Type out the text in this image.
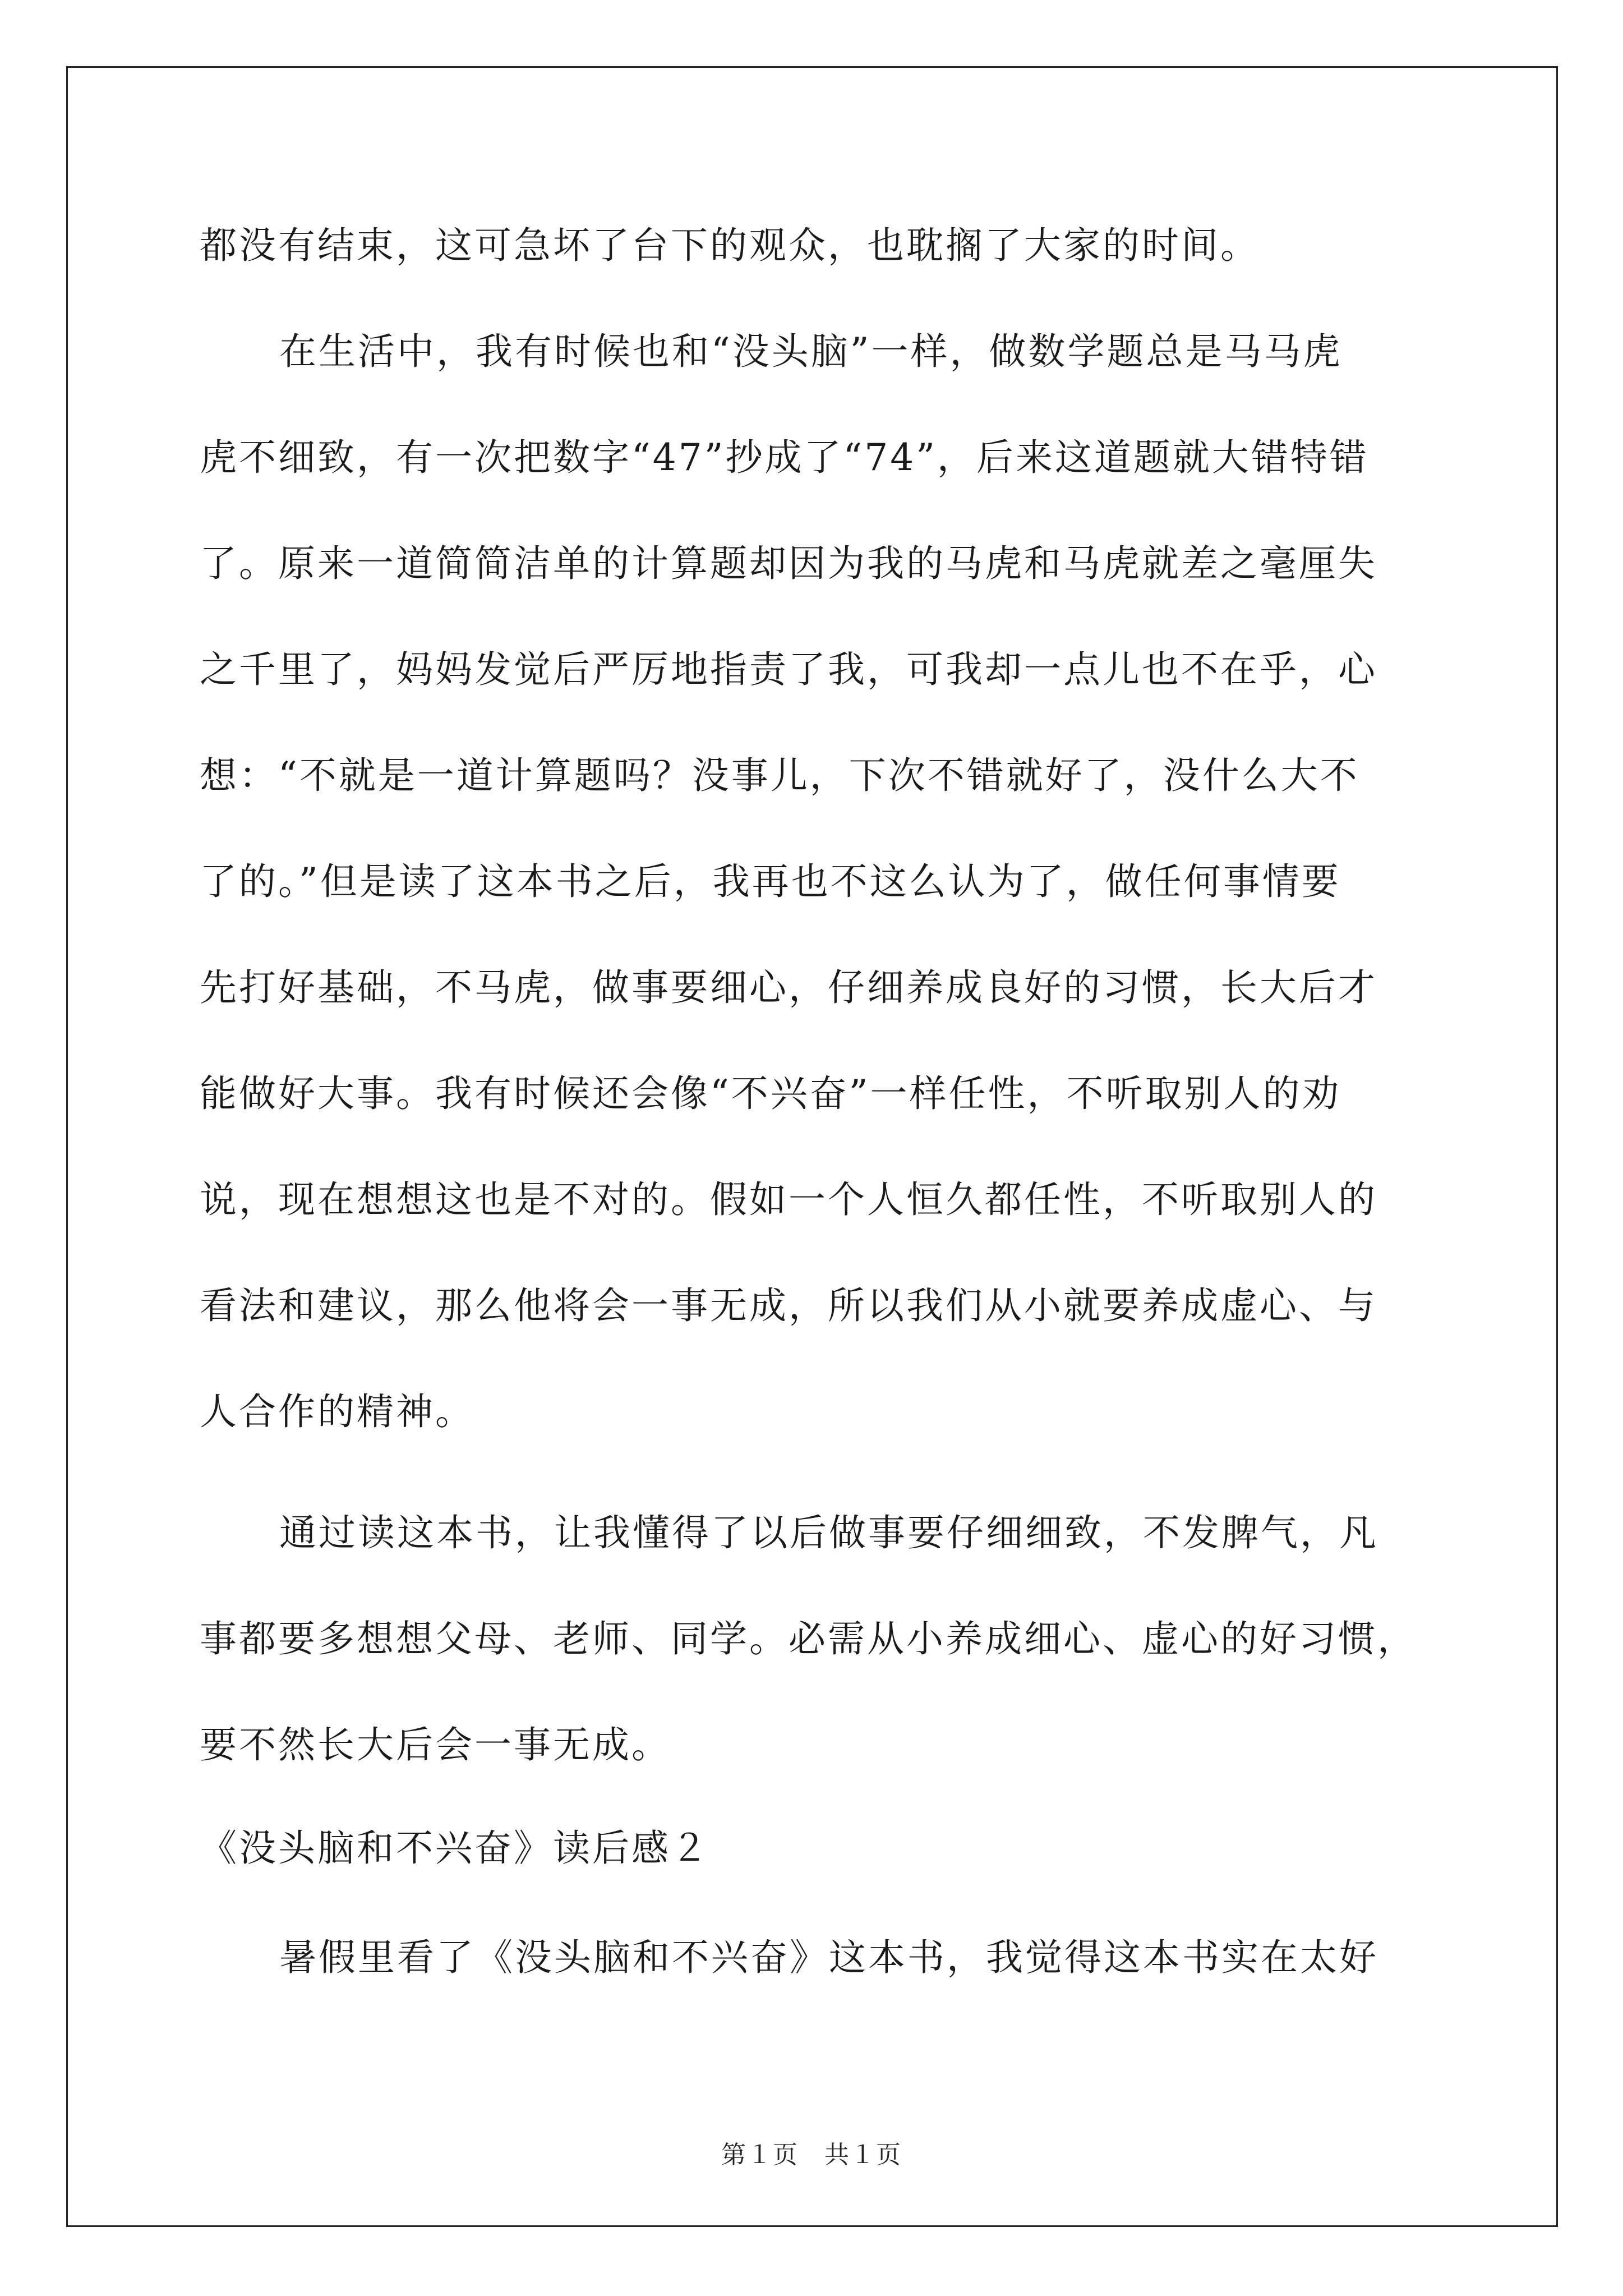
都没有结束，这可急坏了台下的观众，也耽搁了大家的时间。
在生活中，我有时候也和“没头脑”一样，做数学题总是马马虎
虎不细致，有一次把数字“47”抄成了“74”，后来这道题就大错特错
了。原来一道简简洁单的计算题却因为我的马虎和马虎就差之毫厘失
之千里了，妈妈发觉后严厉地指责了我，可我却一点儿也不在乎，心
想：“不就是一道计算题吗？没事儿，下次不错就好了，没什么大不
了的。”但是读了这本书之后，我再也不这么认为了，做任何事情要
先打好基础，不马虎，做事要细心，仔细养成良好的习惯，长大后才
能做好大事。我有时候还会像“不兴奋”一样任性，不听取别人的劝
说，现在想想这也是不对的。假如一个人恒久都任性，不听取别人的
看法和建议，那么他将会一事无成，所以我们从小就要养成虚心、与
人合作的精神。
通过读这本书，让我懂得了以后做事要仔细细致，不发脾气，凡
事都要多想想父母、老师、同学。必需从小养成细心、虚心的好习惯，
要不然长大后会一事无成。
《没头脑和不兴奋》读后感２
暑假里看了《没头脑和不兴奋》这本书，我觉得这本书实在太好
第１页　共１页
